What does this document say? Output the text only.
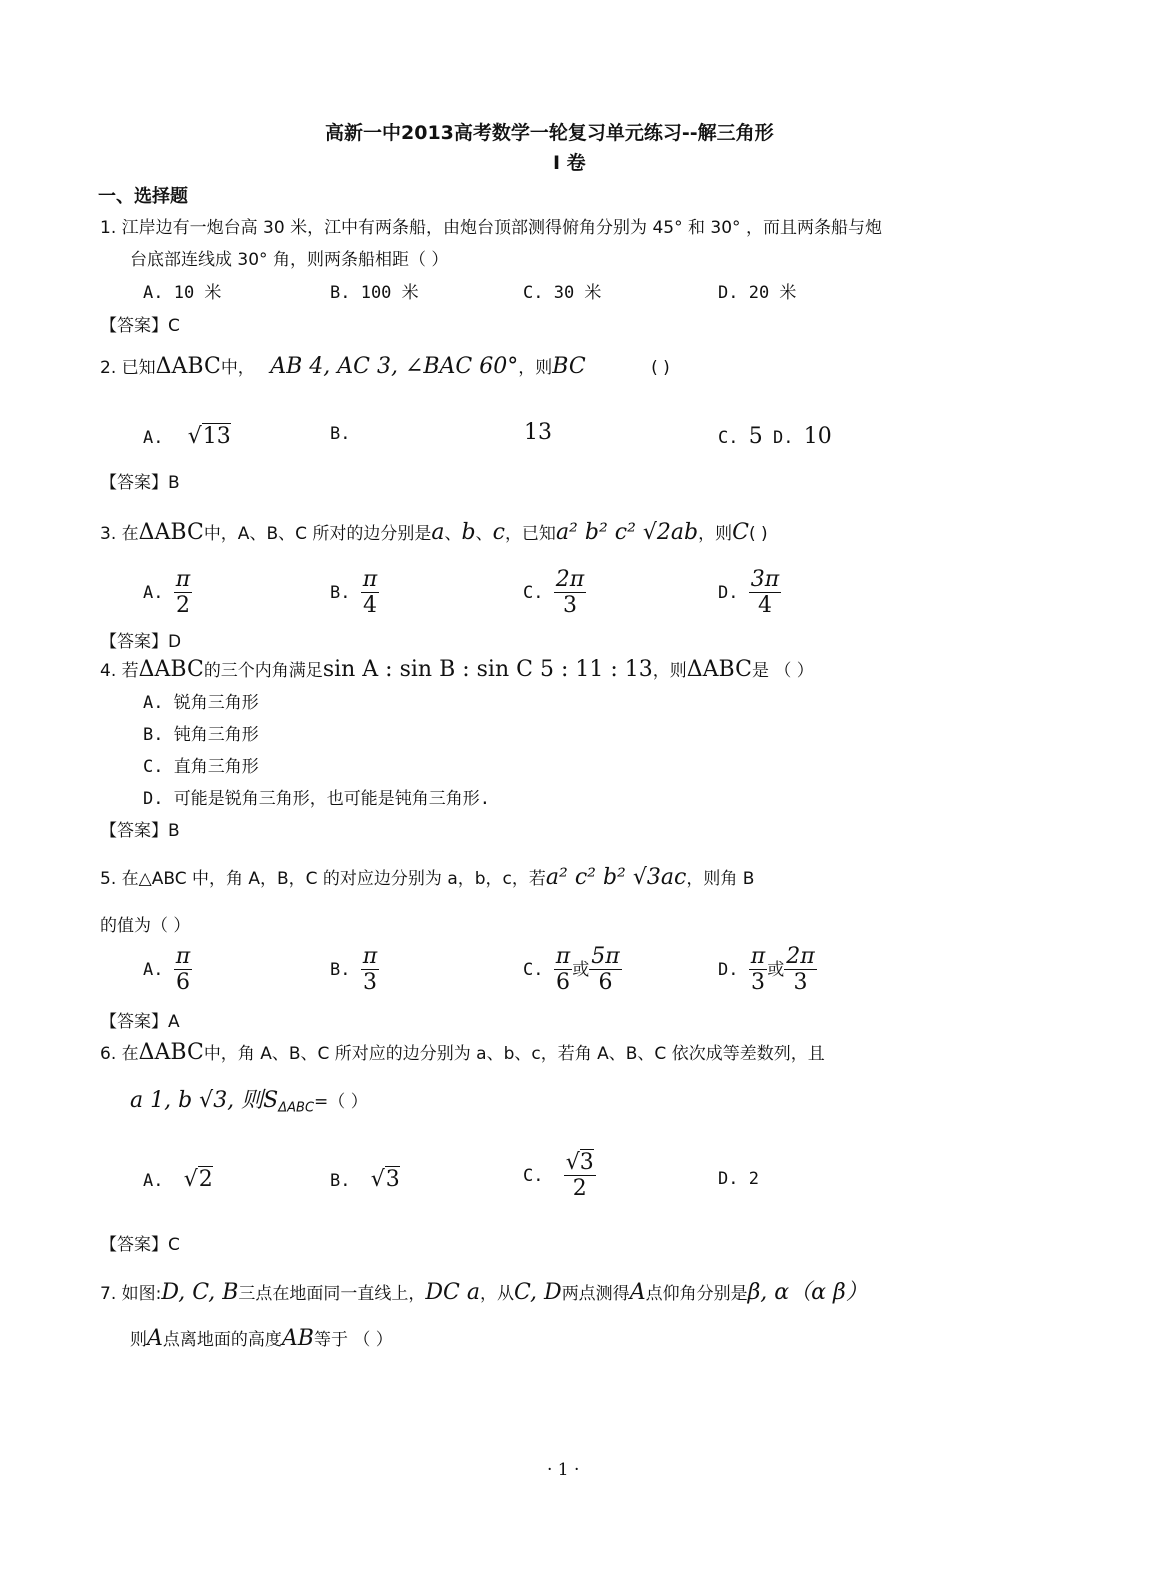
高新一中2013高考数学一轮复习单元练习--解三角形
I 卷
一、选择题
1. 江岸边有一炮台高 30 米，江中有两条船，由炮台顶部测得俯角分别为 45° 和 30° ，而且两条船与炮
台底部连线成 30° 角，则两条船相距（ ）
A. 10 米	B. 100 米	C. 30 米	D. 20 米
【答案】C
2. 已知ΔABC中， AB 4, AC 3, ∠BAC 60°，则BC	( )
A. √13	B.	13	C. 5 D. 10
【答案】B
3. 在ΔABC中，A、B、C 所对的边分别是a、b、c，已知a² b² c² √2ab，则C( )
A. $\frac{\pi}{2}$	B. $\frac{\pi}{4}$	C. $\frac{2\pi}{3}$	D. $\frac{3\pi}{4}$
【答案】D
4. 若ΔABC的三个内角满足sin A : sin B : sin C 5 : 11 : 13，则ΔABC是 （ ）
A. 锐角三角形
B. 钝角三角形
C. 直角三角形
D. 可能是锐角三角形，也可能是钝角三角形.
【答案】B
5. 在△ABC 中，角 A，B，C 的对应边分别为 a，b，c，若a² c² b² √3ac，则角 B
的值为（ ）
A. $\frac{\pi}{6}$	B. $\frac{\pi}{3}$	C. $\frac{\pi}{6}$ 或 $\frac{5\pi}{6}$	D. $\frac{\pi}{3}$ 或 $\frac{2\pi}{3}$
【答案】A
6. 在ΔABC中，角 A、B、C 所对应的边分别为 a、b、c，若角 A、B、C 依次成等差数列，且
a 1, b √3, 则$S_{\Delta ABC}=$（ ）
A. √2	B. √3	C. $\frac{√3}{2}$	D. 2
【答案】C
7. 如图:D, C, B三点在地面同一直线上，DC a，从C, D两点测得A点仰角分别是β, α（α β）
则A点离地面的高度AB等于 （ ）
· 1 ·
